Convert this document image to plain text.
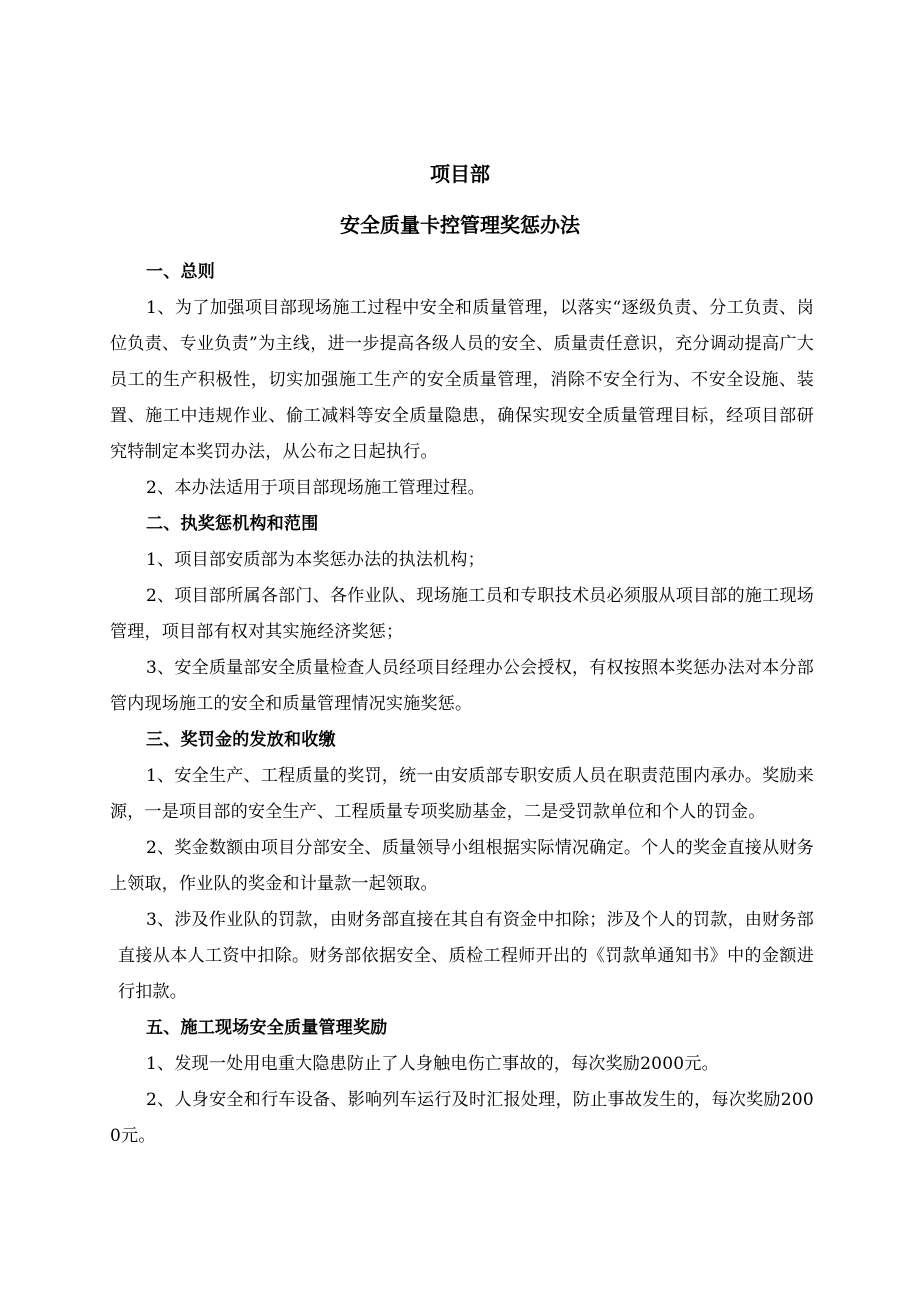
项目部
安全质量卡控管理奖惩办法

一、总则

1、为了加强项目部现场施工过程中安全和质量管理，以落实“逐级负责、分工负责、岗位负责、专业负责”为主线，进一步提高各级人员的安全、质量责任意识，充分调动提高广大员工的生产积极性，切实加强施工生产的安全质量管理，消除不安全行为、不安全设施、装置、施工中违规作业、偷工减料等安全质量隐患，确保实现安全质量管理目标，经项目部研究特制定本奖罚办法，从公布之日起执行。

2、本办法适用于项目部现场施工管理过程。

二、执奖惩机构和范围

1、项目部安质部为本奖惩办法的执法机构；

2、项目部所属各部门、各作业队、现场施工员和专职技术员必须服从项目部的施工现场管理，项目部有权对其实施经济奖惩；

3、安全质量部安全质量检查人员经项目经理办公会授权，有权按照本奖惩办法对本分部管内现场施工的安全和质量管理情况实施奖惩。

三、奖罚金的发放和收缴

1、安全生产、工程质量的奖罚，统一由安质部专职安质人员在职责范围内承办。奖励来源，一是项目部的安全生产、工程质量专项奖励基金，二是受罚款单位和个人的罚金。

2、奖金数额由项目分部安全、质量领导小组根据实际情况确定。个人的奖金直接从财务上领取，作业队的奖金和计量款一起领取。

3、涉及作业队的罚款，由财务部直接在其自有资金中扣除；涉及个人的罚款，由财务部直接从本人工资中扣除。财务部依据安全、质检工程师开出的《罚款单通知书》中的金额进行扣款。

五、施工现场安全质量管理奖励

1、发现一处用电重大隐患防止了人身触电伤亡事故的，每次奖励2000元。

2、人身安全和行车设备、影响列车运行及时汇报处理，防止事故发生的，每次奖励2000元。
